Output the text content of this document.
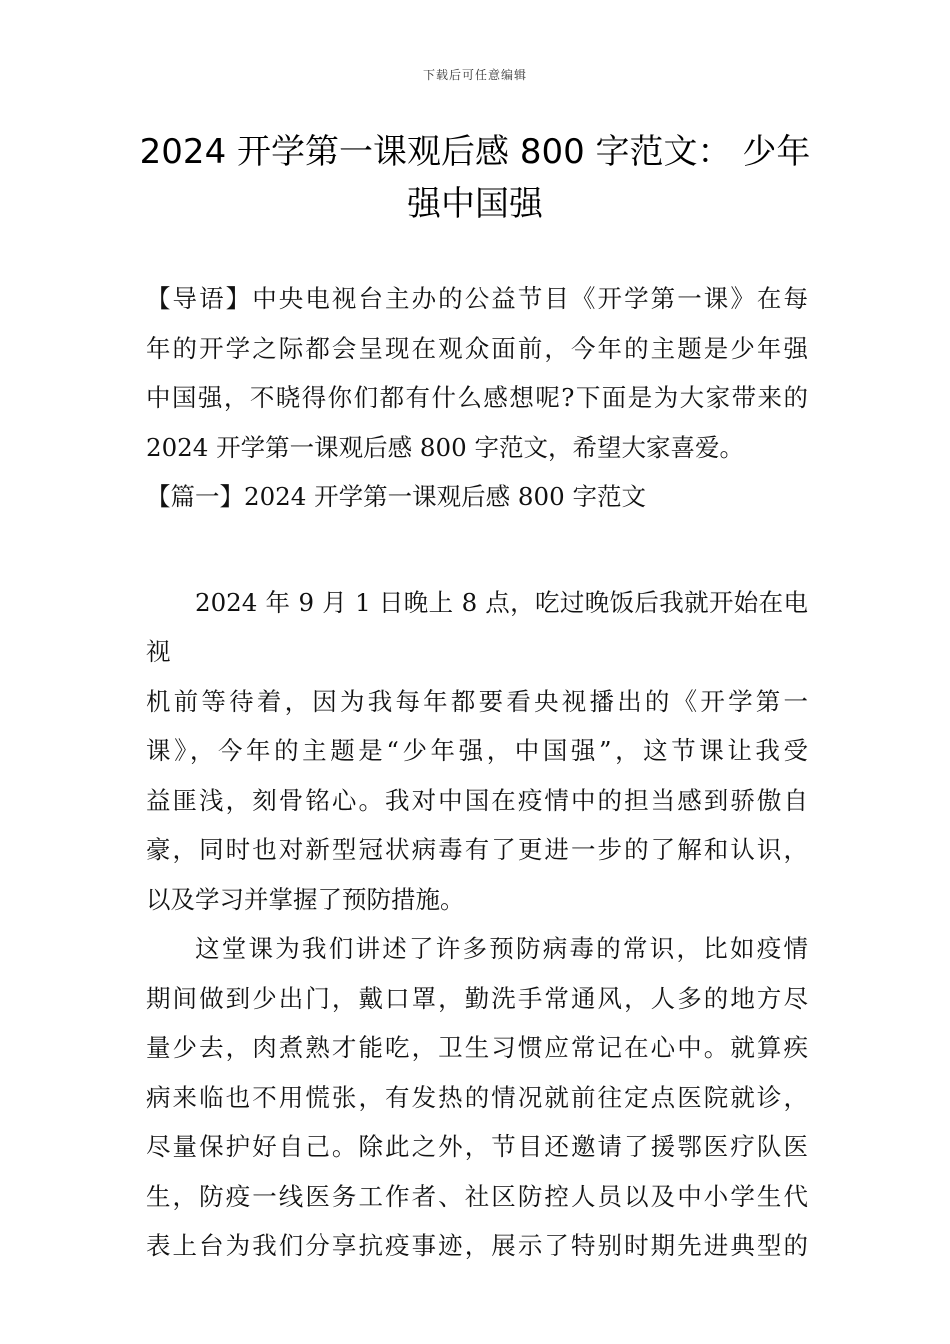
下载后可任意编辑
2024 开学第一课观后感 800 字范文： 少年
强中国强

【导语】中央电视台主办的公益节目《开学第一课》在每

年的开学之际都会呈现在观众面前，今年的主题是少年强

中国强，不晓得你们都有什么感想呢?下面是为大家带来的

2024 开学第一课观后感 800 字范文，希望大家喜爱。

【篇一】2024 开学第一课观后感 800 字范文

2024 年 9 月 1 日晚上 8 点，吃过晚饭后我就开始在电视

机前等待着，因为我每年都要看央视播出的《开学第一

课》，今年的主题是“少年强，中国强”，这节课让我受

益匪浅，刻骨铭心。我对中国在疫情中的担当感到骄傲自

豪，同时也对新型冠状病毒有了更进一步的了解和认识，

以及学习并掌握了预防措施。

这堂课为我们讲述了许多预防病毒的常识，比如疫情

期间做到少出门，戴口罩，勤洗手常通风，人多的地方尽

量少去，肉煮熟才能吃，卫生习惯应常记在心中。就算疾

病来临也不用慌张，有发热的情况就前往定点医院就诊，

尽量保护好自己。除此之外，节目还邀请了援鄂医疗队医

生，防疫一线医务工作者、社区防控人员以及中小学生代

表上台为我们分享抗疫事迹，展示了特别时期先进典型的
